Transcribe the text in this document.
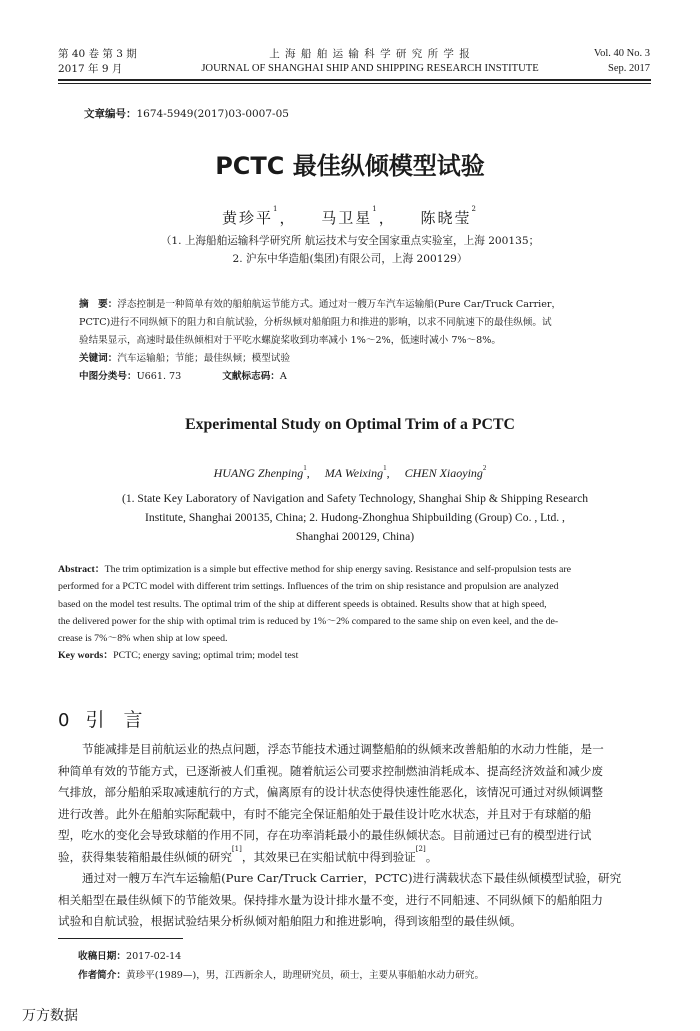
第 40 卷 第 3 期
2017 年 9 月
上 海 船 舶 运 输 科 学 研 究 所 学 报
JOURNAL OF SHANGHAI SHIP AND SHIPPING RESEARCH INSTITUTE
Vol. 40 No. 3
Sep. 2017
文章编号：1674-5949(2017)03-0007-05
PCTC 最佳纵倾模型试验
黄珍平$^1$， 马卫星$^1$， 陈晓莹$^2$
（1. 上海船舶运输科学研究所 航运技术与安全国家重点实验室，上海 200135；
2. 沪东中华造船(集团)有限公司，上海 200129）
摘　要：浮态控制是一种简单有效的船舶航运节能方式。通过对一艘万车汽车运输船(Pure Car/Truck Carrier，
PCTC)进行不同纵倾下的阻力和自航试验，分析纵倾对船舶阻力和推进的影响，以求不同航速下的最佳纵倾。试
验结果显示，高速时最佳纵倾相对于平吃水螺旋桨收到功率减小 1%～2%，低速时减小 7%～8%。
关键词：汽车运输船；节能；最佳纵倾；模型试验
中图分类号：U661. 73	文献标志码：A
Experimental Study on Optimal Trim of a PCTC
HUANG Zhenping$^1$, MA Weixing$^1$, CHEN Xiaoying$^2$
(1. State Key Laboratory of Navigation and Safety Technology, Shanghai Ship & Shipping Research
Institute, Shanghai 200135, China; 2. Hudong-Zhonghua Shipbuilding (Group) Co. , Ltd. ,
Shanghai 200129, China)
Abstract：The trim optimization is a simple but effective method for ship energy saving. Resistance and self-propulsion tests are
performed for a PCTC model with different trim settings. Influences of the trim on ship resistance and propulsion are analyzed
based on the model test results. The optimal trim of the ship at different speeds is obtained. Results show that at high speed,
the delivered power for the ship with optimal trim is reduced by 1%～2% compared to the same ship on even keel, and the de-
crease is 7%～8% when ship at low speed.
Key words：PCTC; energy saving; optimal trim; model test
0 引　言
节能减排是目前航运业的热点问题，浮态节能技术通过调整船舶的纵倾来改善船舶的水动力性能，是一
种简单有效的节能方式，已逐渐被人们重视。随着航运公司要求控制燃油消耗成本、提高经济效益和减少废
气排放，部分船舶采取减速航行的方式，偏离原有的设计状态使得快速性能恶化，该情况可通过对纵倾调整
进行改善。此外在船舶实际配载中，有时不能完全保证船舶处于最佳设计吃水状态，并且对于有球艏的船
型，吃水的变化会导致球艏的作用不同，存在功率消耗最小的最佳纵倾状态。目前通过已有的模型进行试
验，获得集装箱船最佳纵倾的研究[1]，其效果已在实船试航中得到验证[2]。
通过对一艘万车汽车运输船(Pure Car/Truck Carrier，PCTC)进行满载状态下最佳纵倾模型试验，研究
相关船型在最佳纵倾下的节能效果。保持排水量为设计排水量不变，进行不同船速、不同纵倾下的船舶阻力
试验和自航试验，根据试验结果分析纵倾对船舶阻力和推进影响，得到该船型的最佳纵倾。
收稿日期：2017-02-14
作者简介：黄珍平(1989—)，男，江西新余人，助理研究员，硕士，主要从事船舶水动力研究。
万方数据
